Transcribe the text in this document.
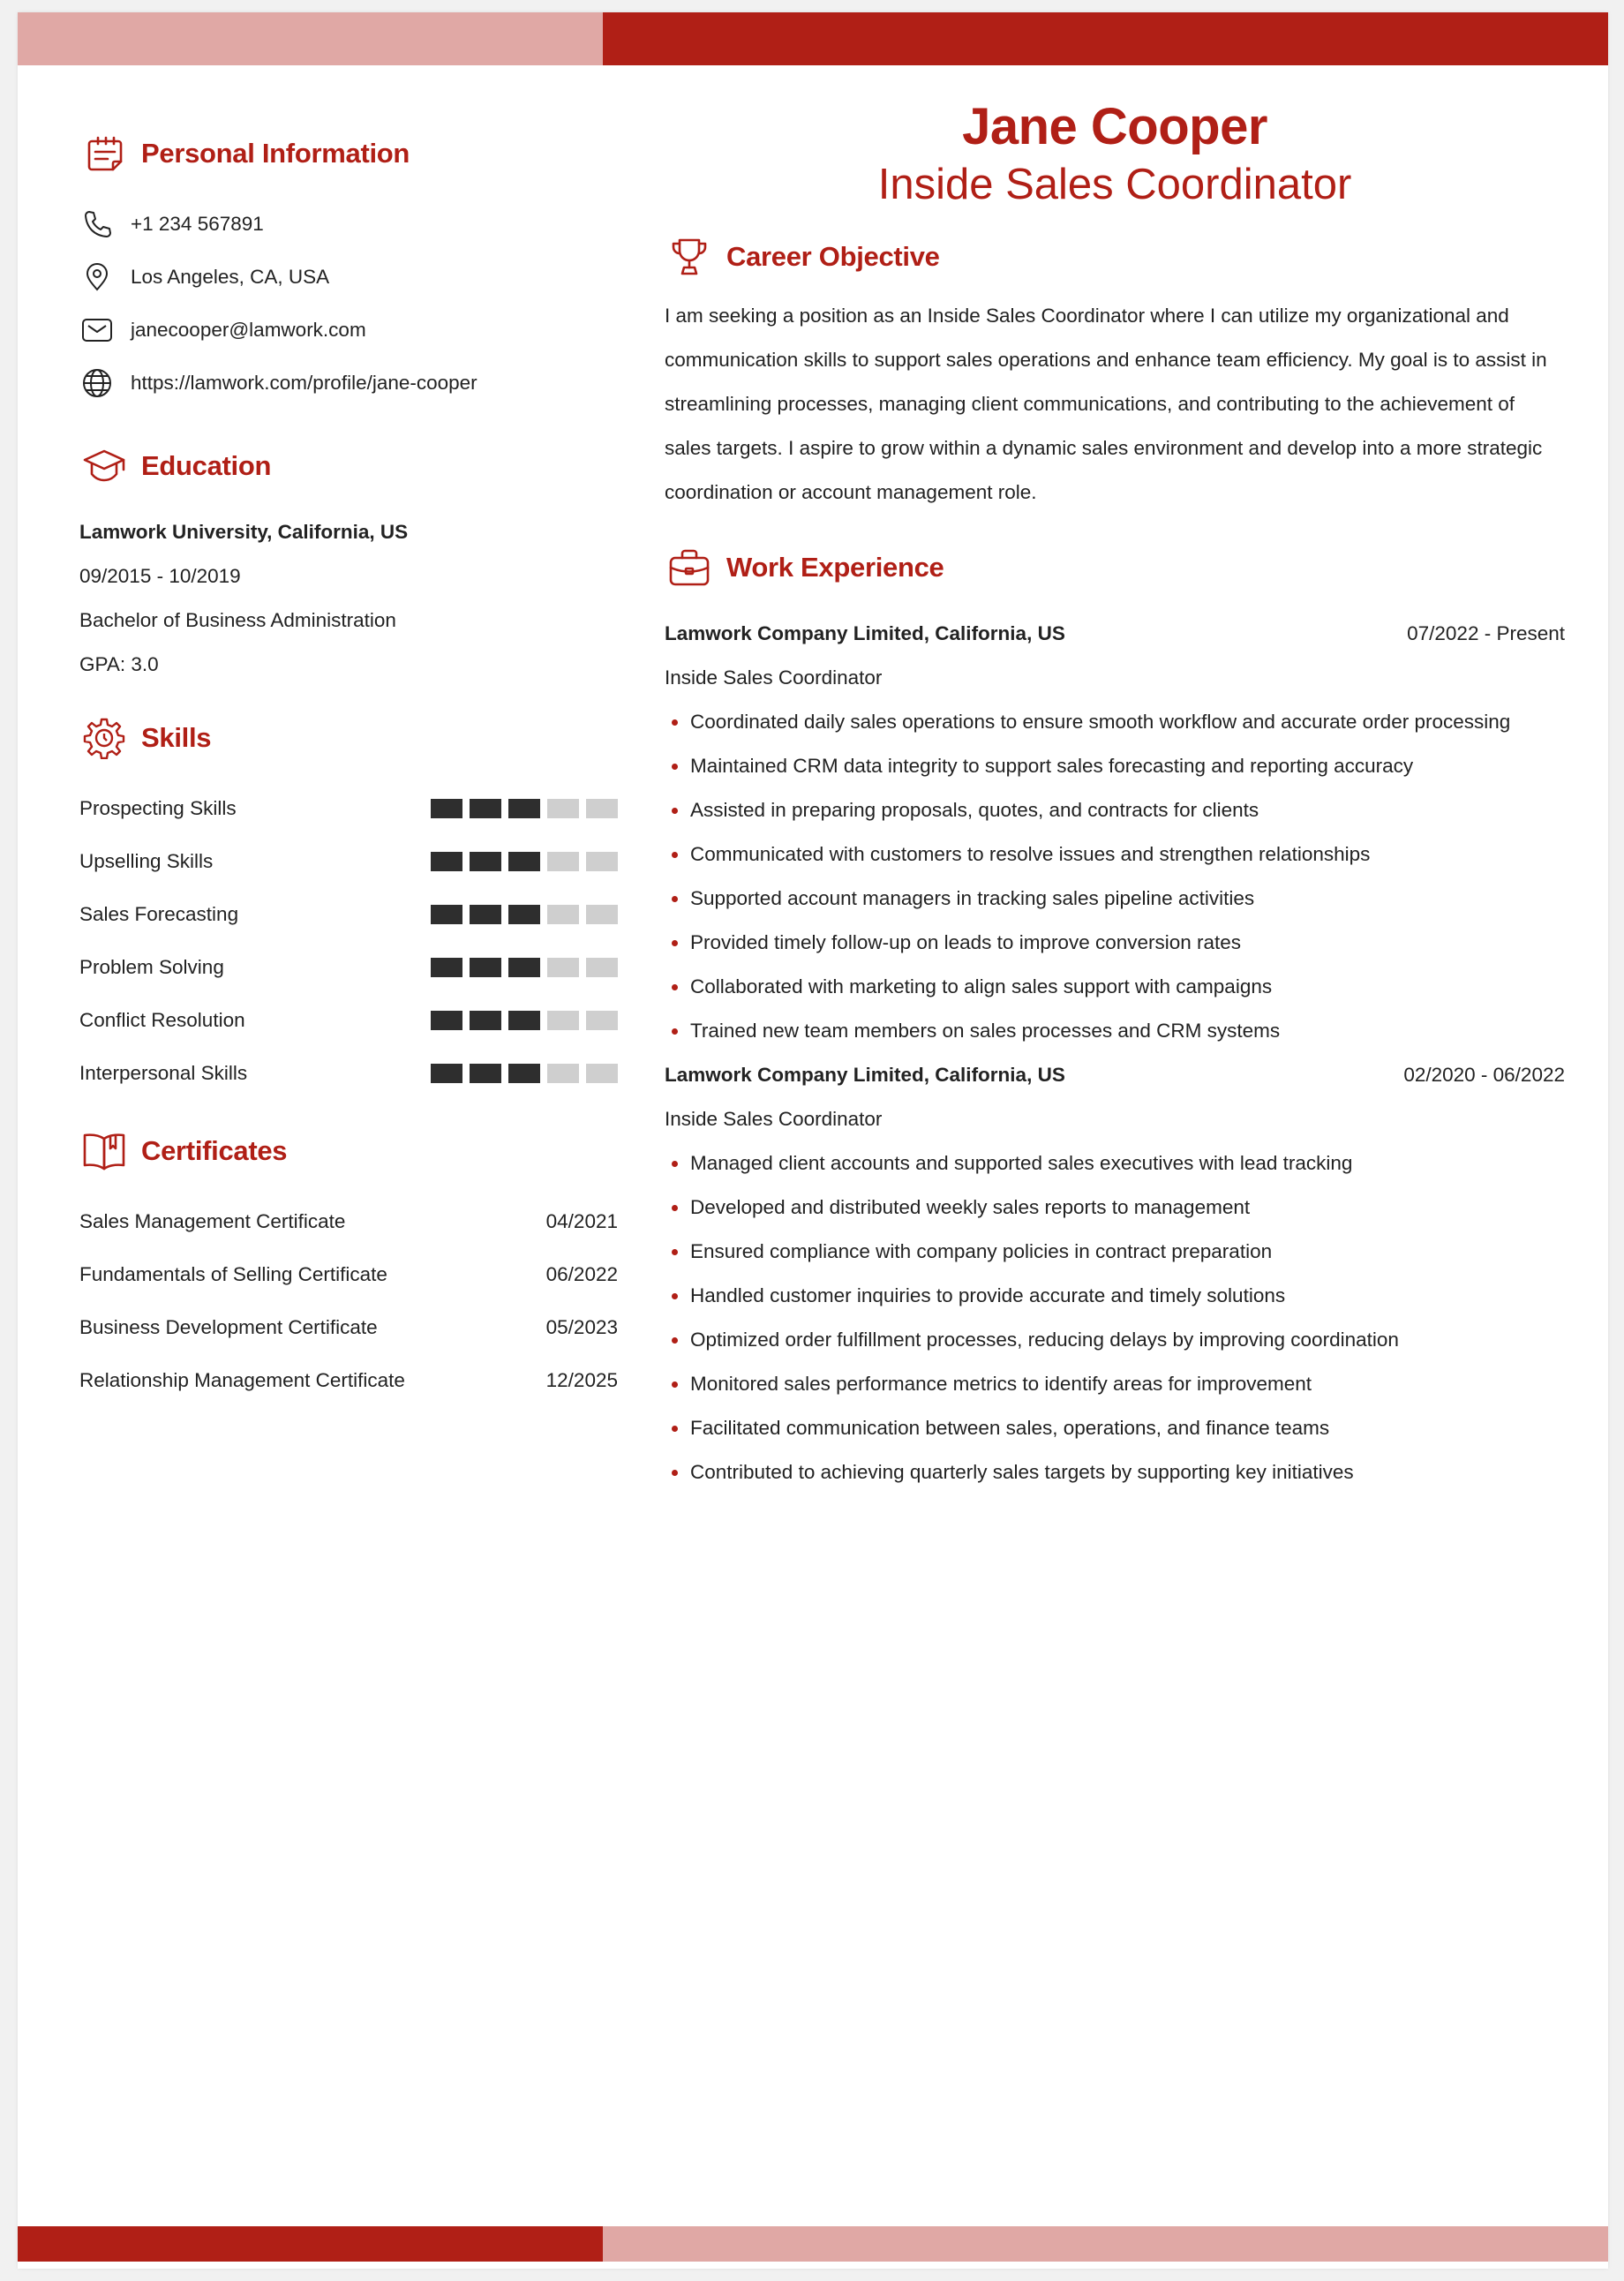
Personal Information
+1 234 567891
Los Angeles, CA, USA
janecooper@lamwork.com
https://lamwork.com/profile/jane-cooper
Education
Lamwork University, California, US
09/2015 - 10/2019
Bachelor of Business Administration
GPA: 3.0
Skills
Prospecting Skills
Upselling Skills
Sales Forecasting
Problem Solving
Conflict Resolution
Interpersonal Skills
Certificates
Sales Management Certificate	04/2021
Fundamentals of Selling Certificate	06/2022
Business Development Certificate	05/2023
Relationship Management Certificate	12/2025
Jane Cooper
Inside Sales Coordinator
Career Objective

I am seeking a position as an Inside Sales Coordinator where I can utilize my organizational and communication skills to support sales operations and enhance team efficiency. My goal is to assist in streamlining processes, managing client communications, and contributing to the achievement of sales targets. I aspire to grow within a dynamic sales environment and develop into a more strategic coordination or account management role.

Work Experience
Lamwork Company Limited, California, US	07/2022 - Present
Inside Sales Coordinator
Coordinated daily sales operations to ensure smooth workflow and accurate order processing
Maintained CRM data integrity to support sales forecasting and reporting accuracy
Assisted in preparing proposals, quotes, and contracts for clients
Communicated with customers to resolve issues and strengthen relationships
Supported account managers in tracking sales pipeline activities
Provided timely follow-up on leads to improve conversion rates
Collaborated with marketing to align sales support with campaigns
Trained new team members on sales processes and CRM systems
Lamwork Company Limited, California, US	02/2020 - 06/2022
Inside Sales Coordinator
Managed client accounts and supported sales executives with lead tracking
Developed and distributed weekly sales reports to management
Ensured compliance with company policies in contract preparation
Handled customer inquiries to provide accurate and timely solutions
Optimized order fulfillment processes, reducing delays by improving coordination
Monitored sales performance metrics to identify areas for improvement
Facilitated communication between sales, operations, and finance teams
Contributed to achieving quarterly sales targets by supporting key initiatives
